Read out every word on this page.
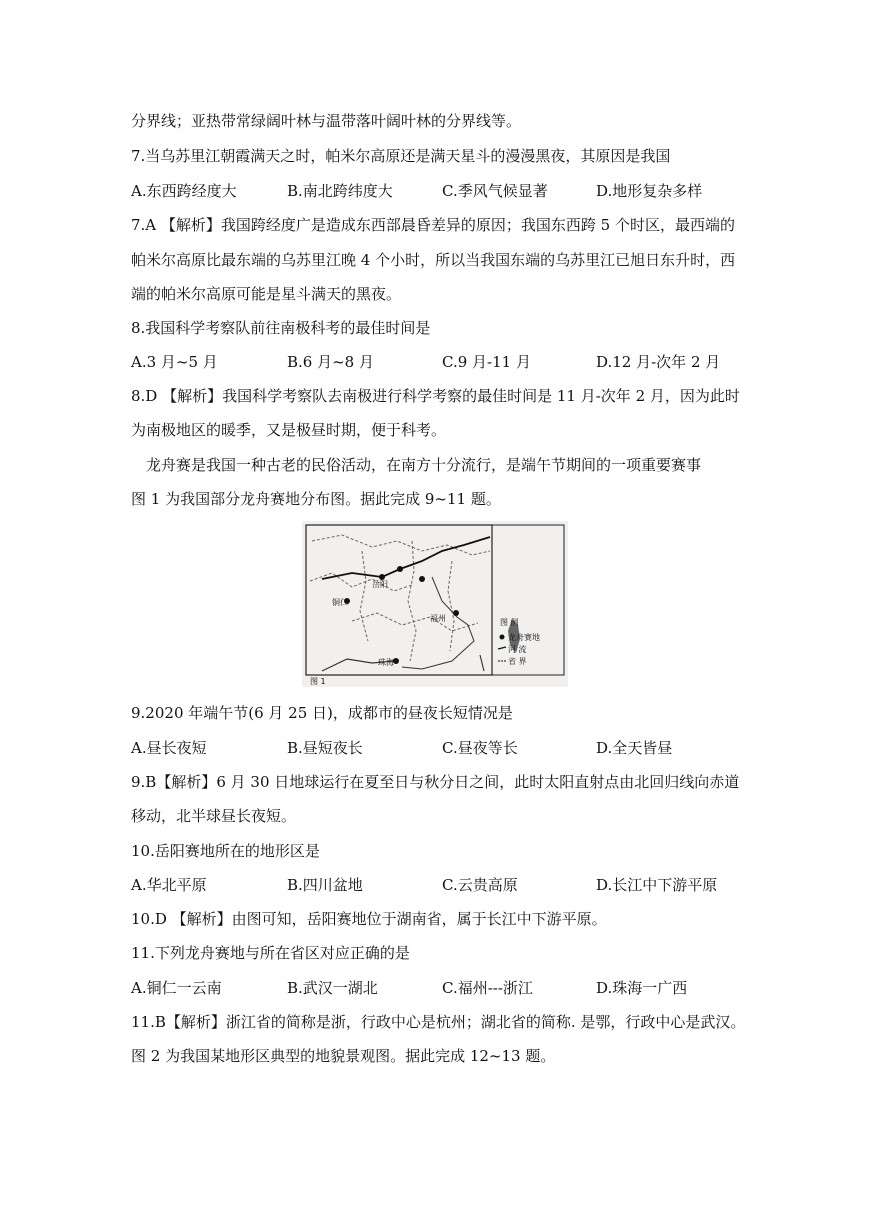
分界线；亚热带常绿阔叶林与温带落叶阔叶林的分界线等。
7.当乌苏里江朝霞满天之时，帕米尔高原还是满天星斗的漫漫黑夜，其原因是我国
A.东西跨经度大	B.南北跨纬度大	C.季风气候显著	D.地形复杂多样
7.A 【解析】我国跨经度广是造成东西部晨昏差异的原因；我国东西跨 5 个时区，最西端的
帕米尔高原比最东端的乌苏里江晚 4 个小时，所以当我国东端的乌苏里江已旭日东升时，西
端的帕米尔高原可能是星斗满天的黑夜。
8.我国科学考察队前往南极科考的最佳时间是
A.3 月~5 月	B.6 月~8 月	C.9 月-11 月	D.12 月-次年 2 月
8.D 【解析】我国科学考察队去南极进行科学考察的最佳时间是 11 月-次年 2 月，因为此时
为南极地区的暖季，又是极昼时期，便于科考。
龙舟赛是我国一种古老的民俗活动，在南方十分流行，是端午节期间的一项重要赛事
图 1 为我国部分龙舟赛地分布图。据此完成 9~11 题。
铜仁
福州
珠海
岳阳
图 例
龙舟赛地
河 流
省 界
图 1
9.2020 年端午节(6 月 25 日)，成都市的昼夜长短情况是
A.昼长夜短	B.昼短夜长	C.昼夜等长	D.全天皆昼
9.B【解析】6 月 30 日地球运行在夏至日与秋分日之间，此时太阳直射点由北回归线向赤道
移动，北半球昼长夜短。
10.岳阳赛地所在的地形区是
A.华北平原	B.四川盆地	C.云贵高原	D.长江中下游平原
10.D 【解析】由图可知，岳阳赛地位于湖南省，属于长江中下游平原。
11.下列龙舟赛地与所在省区对应正确的是
A.铜仁一云南	B.武汉一湖北	C.福州---浙江	D.珠海一广西
11.B【解析】浙江省的简称是浙，行政中心是杭州；湖北省的简称. 是鄂，行政中心是武汉。
图 2 为我国某地形区典型的地貌景观图。据此完成 12~13 题。
